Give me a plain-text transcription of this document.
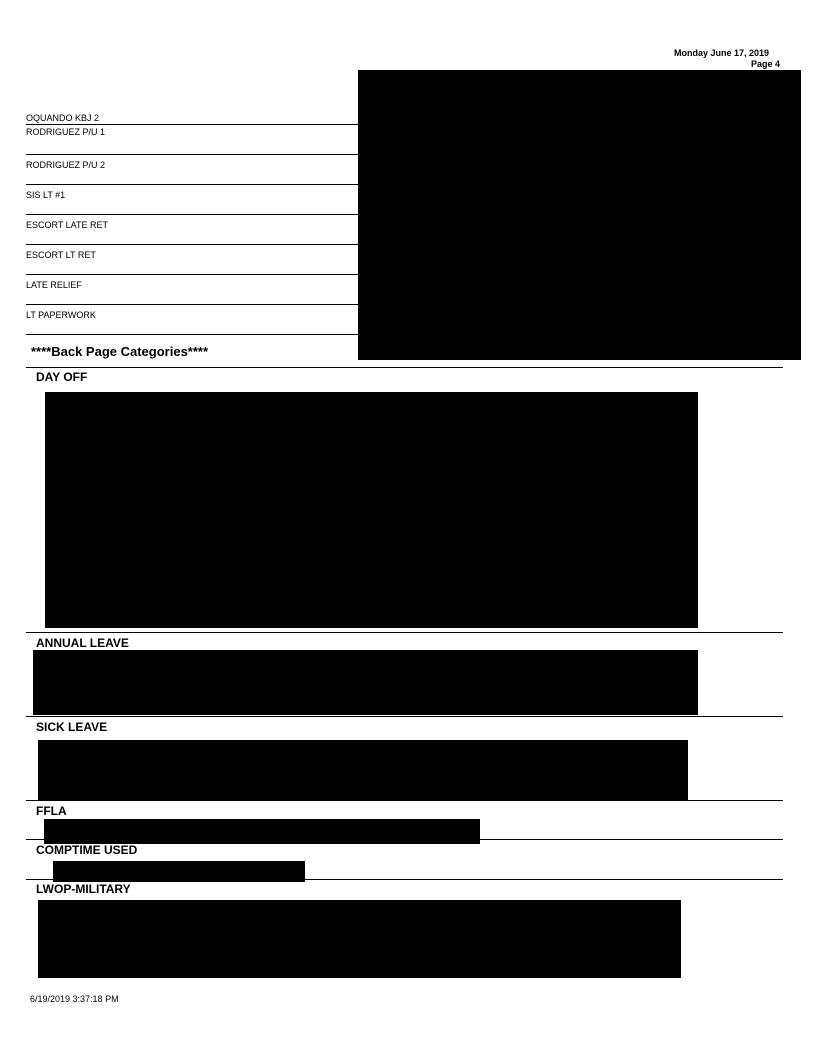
Monday June 17, 2019
Page 4
OQUANDO KBJ 2
RODRIGUEZ P/U 1
RODRIGUEZ P/U 2
SIS LT #1
ESCORT LATE RET
ESCORT LT RET
LATE RELIEF
LT PAPERWORK
****Back Page Categories****
DAY OFF
ANNUAL LEAVE
SICK LEAVE
FFLA
COMPTIME USED
LWOP-MILITARY
6/19/2019 3:37:18 PM
